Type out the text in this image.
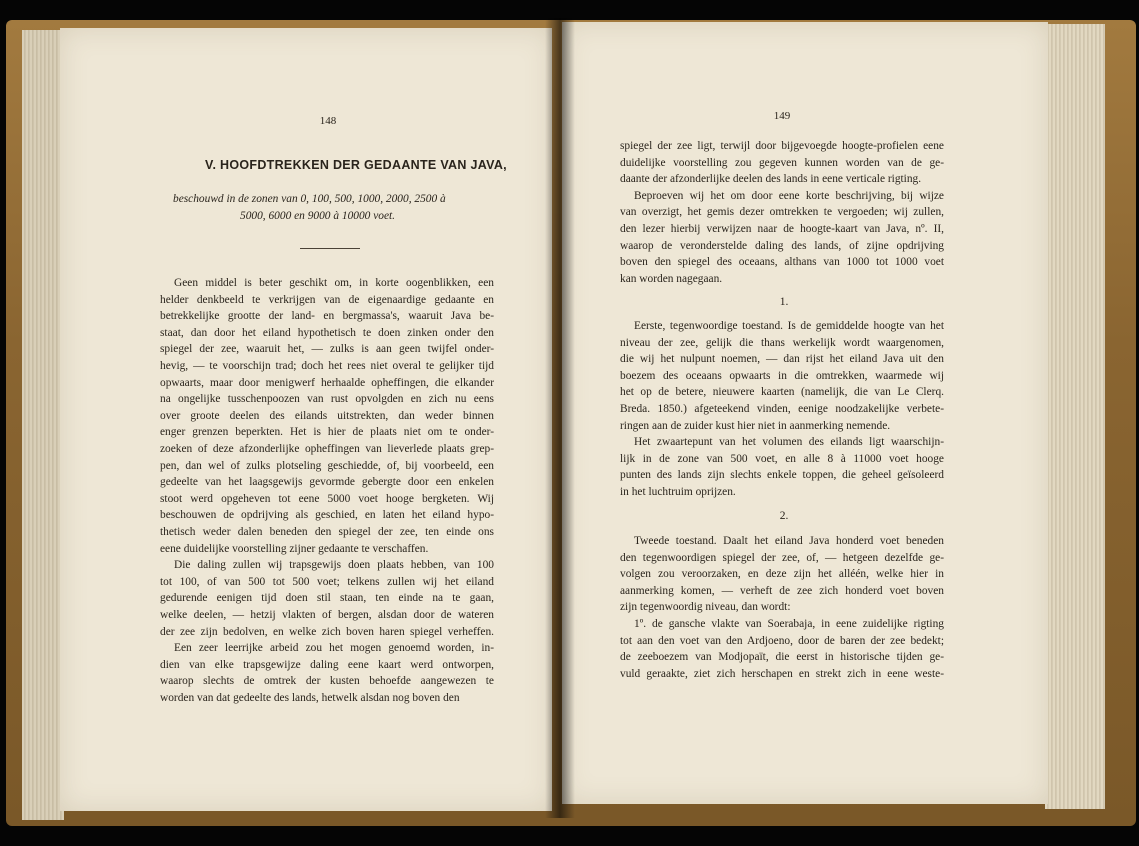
148
V. HOOFDTREKKEN DER GEDAANTE VAN JAVA,
beschouwd in de zonen van 0, 100, 500, 1000, 2000, 2500 à
5000, 6000 en 9000 à 10000 voet.
Geen middel is beter geschikt om, in korte oogenblikken, een
helder denkbeeld te verkrijgen van de eigenaardige gedaante en
betrekkelijke grootte der land- en bergmassa's, waaruit Java be-
staat, dan door het eiland hypothetisch te doen zinken onder den
spiegel der zee, waaruit het, — zulks is aan geen twijfel onder-
hevig, — te voorschijn trad; doch het rees niet overal te gelijker tijd
opwaarts, maar door menigwerf herhaalde opheffingen, die elkander
na ongelijke tusschenpoozen van rust opvolgden en zich nu eens
over groote deelen des eilands uitstrekten, dan weder binnen
enger grenzen beperkten. Het is hier de plaats niet om te onder-
zoeken of deze afzonderlijke opheffingen van lieverlede plaats grep-
pen, dan wel of zulks plotseling geschiedde, of, bij voorbeeld, een
gedeelte van het laagsgewijs gevormde gebergte door een enkelen
stoot werd opgeheven tot eene 5000 voet hooge bergketen. Wij
beschouwen de opdrijving als geschied, en laten het eiland hypo-
thetisch weder dalen beneden den spiegel der zee, ten einde ons
eene duidelijke voorstelling zijner gedaante te verschaffen.
Die daling zullen wij trapsgewijs doen plaats hebben, van 100
tot 100, of van 500 tot 500 voet; telkens zullen wij het eiland
gedurende eenigen tijd doen stil staan, ten einde na te gaan,
welke deelen, — hetzij vlakten of bergen, alsdan door de wateren
der zee zijn bedolven, en welke zich boven haren spiegel verheffen.
Een zeer leerrijke arbeid zou het mogen genoemd worden, in-
dien van elke trapsgewijze daling eene kaart werd ontworpen,
waarop slechts de omtrek der kusten behoefde aangewezen te
worden van dat gedeelte des lands, hetwelk alsdan nog boven den
149
spiegel der zee ligt, terwijl door bijgevoegde hoogte-profielen eene
duidelijke voorstelling zou gegeven kunnen worden van de ge-
daante der afzonderlijke deelen des lands in eene verticale rigting.
Beproeven wij het om door eene korte beschrijving, bij wijze
van overzigt, het gemis dezer omtrekken te vergoeden; wij zullen,
den lezer hierbij verwijzen naar de hoogte-kaart van Java, nº. II,
waarop de veronderstelde daling des lands, of zijne opdrijving
boven den spiegel des oceaans, althans van 1000 tot 1000 voet
kan worden nagegaan.
1.
Eerste, tegenwoordige toestand. Is de gemiddelde hoogte van het
niveau der zee, gelijk die thans werkelijk wordt waargenomen,
die wij het nulpunt noemen, — dan rijst het eiland Java uit den
boezem des oceaans opwaarts in die omtrekken, waarmede wij
het op de betere, nieuwere kaarten (namelijk, die van Le Clerq.
Breda. 1850.) afgeteekend vinden, eenige noodzakelijke verbete-
ringen aan de zuider kust hier niet in aanmerking nemende.
Het zwaartepunt van het volumen des eilands ligt waarschijn-
lijk in de zone van 500 voet, en alle 8 à 11000 voet hooge
punten des lands zijn slechts enkele toppen, die geheel geïsoleerd
in het luchtruim oprijzen.
2.
Tweede toestand. Daalt het eiland Java honderd voet beneden
den tegenwoordigen spiegel der zee, of, — hetgeen dezelfde ge-
volgen zou veroorzaken, en deze zijn het alléén, welke hier in
aanmerking komen, — verheft de zee zich honderd voet boven
zijn tegenwoordig niveau, dan wordt:
1º. de gansche vlakte van Soerabaja, in eene zuidelijke rigting
tot aan den voet van den Ardjoeno, door de baren der zee bedekt;
de zeeboezem van Modjopaït, die eerst in historische tijden ge-
vuld geraakte, ziet zich herschapen en strekt zich in eene weste-
